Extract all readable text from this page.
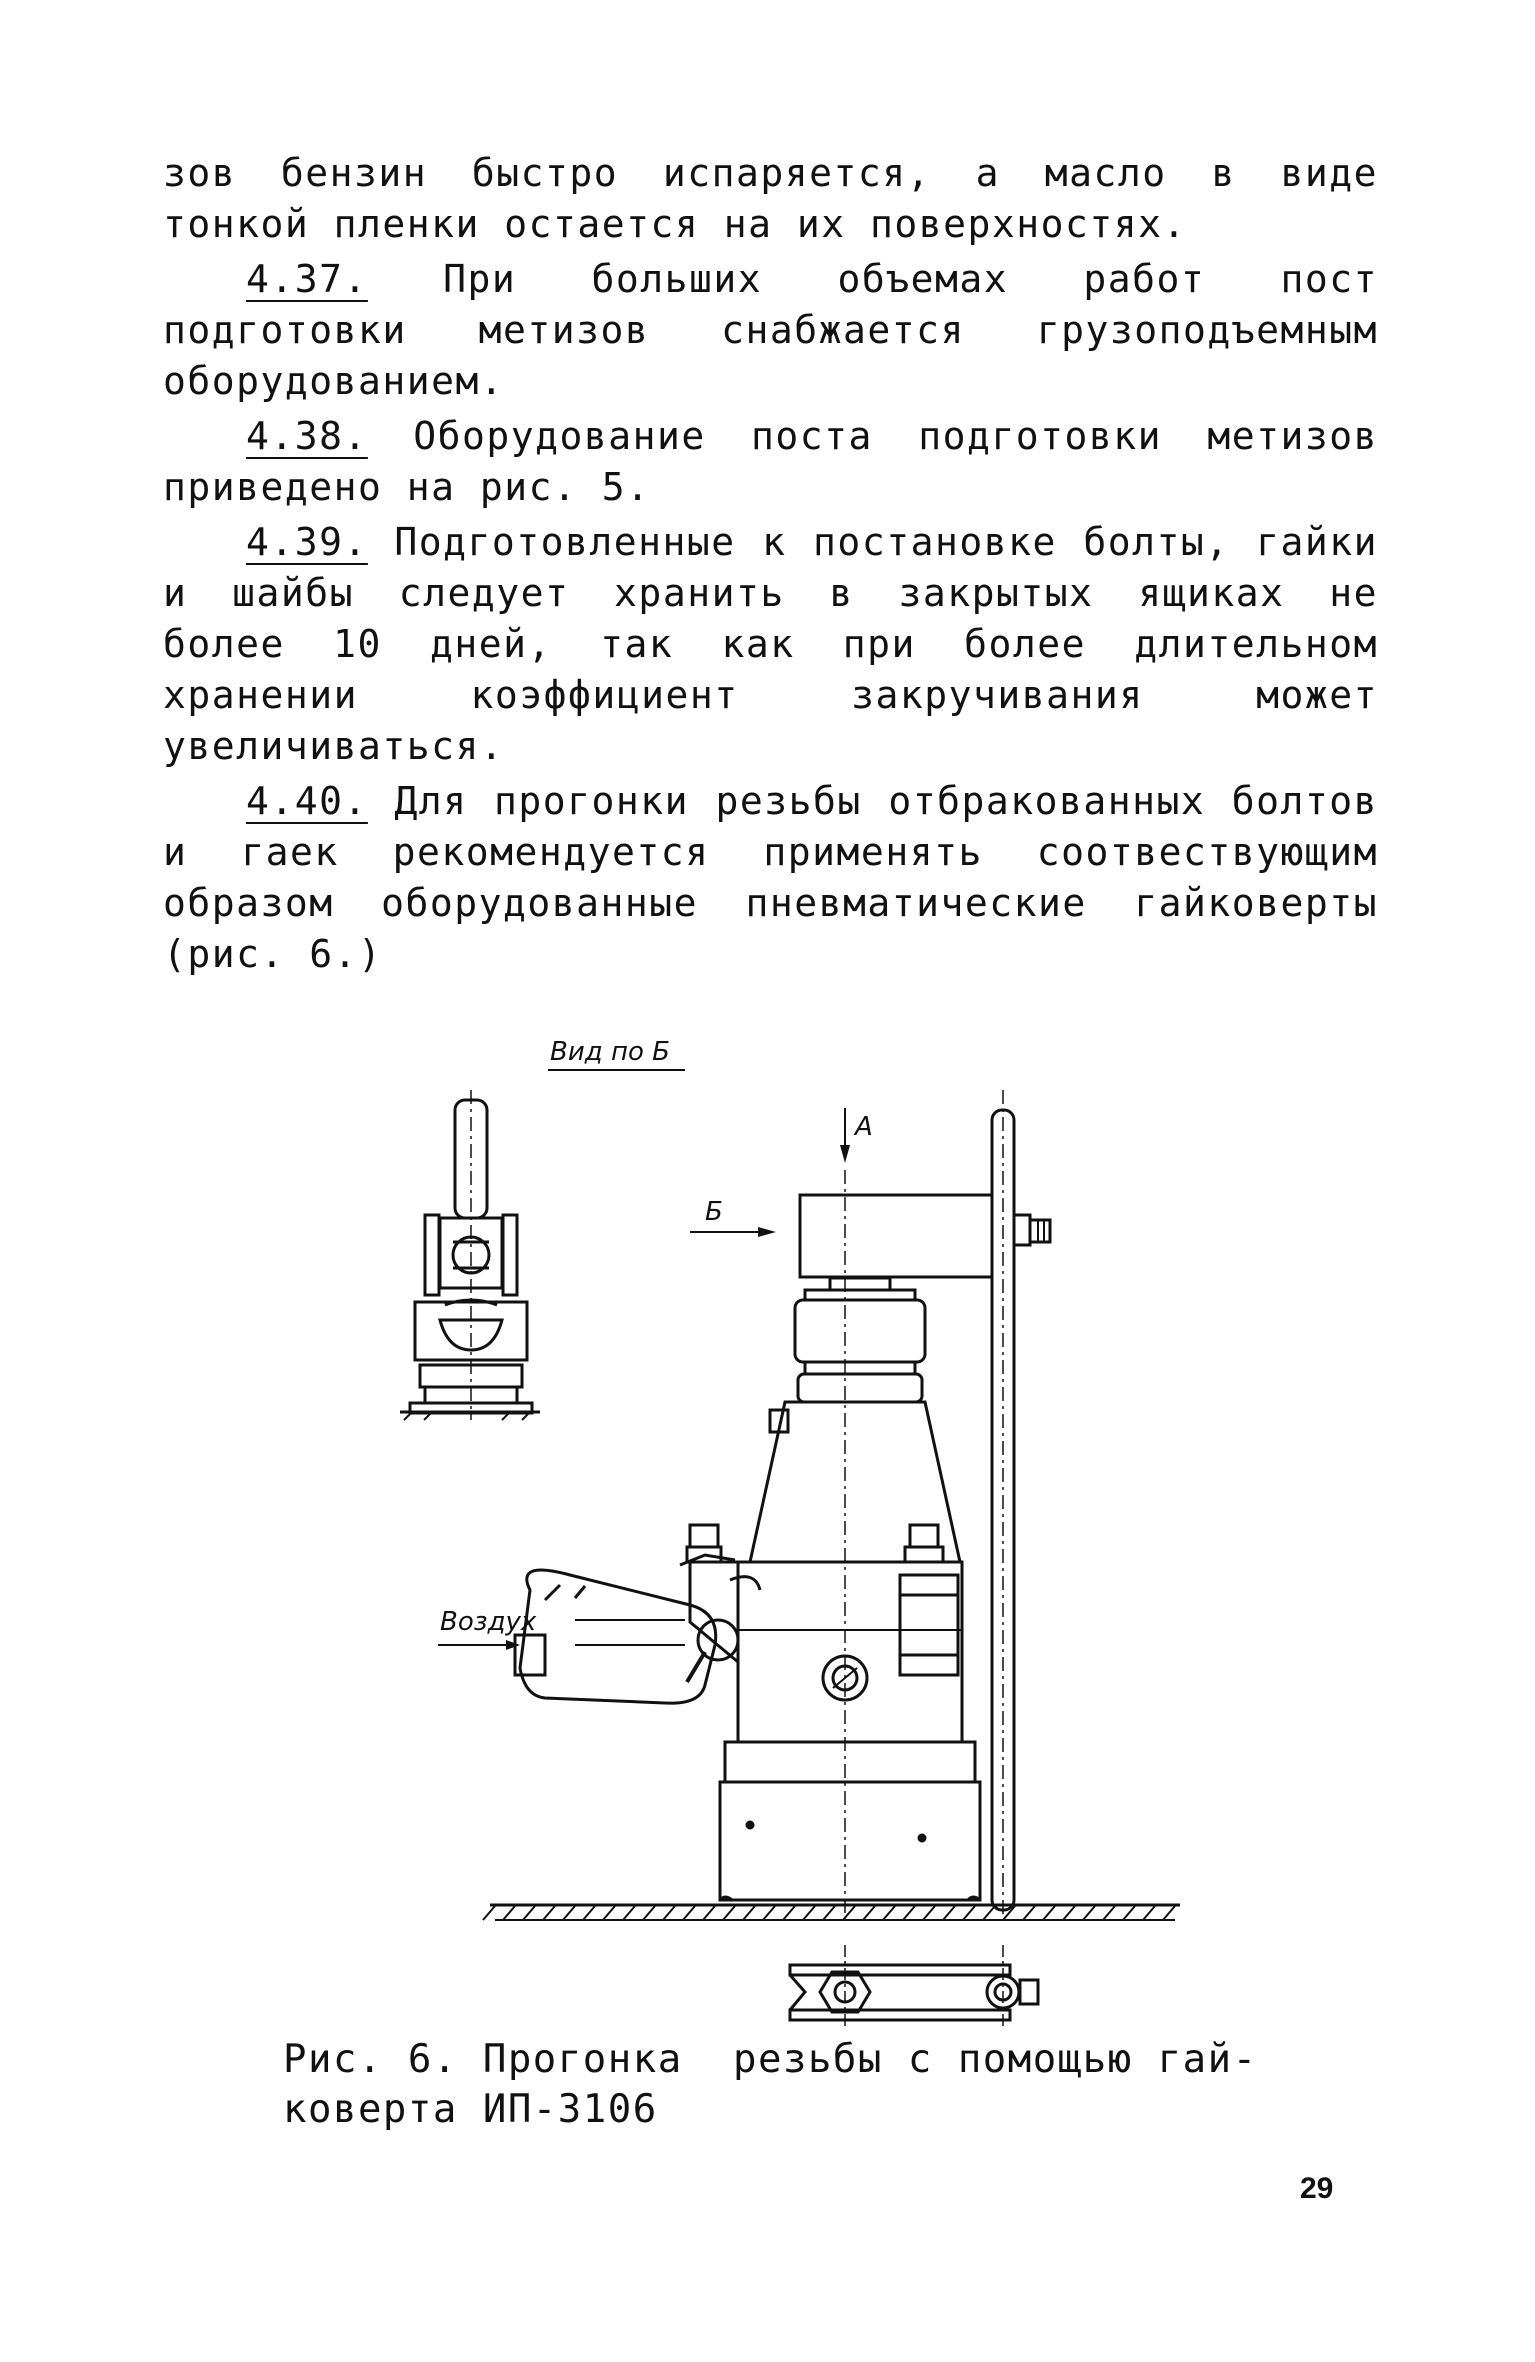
зов бензин быстро испаряется, а масло в виде тонкой пленки остается на их поверхностях.

4.37. При больших объемах работ пост подготовки метизов снабжается грузоподъемным оборудованием.

4.38. Оборудование поста подготовки метизов приведено на рис. 5.

4.39. Подготовленные к постановке болты, гайки и шайбы следует хранить в закрытых ящиках не более 10 дней, так как при более длительном хранении коэффициент закручивания может увеличиваться.

4.40. Для прогонки резьбы отбракованных болтов и гаек рекомендуется применять соотвествующим образом оборудованные пневматические гайковерты (рис. 6.)

Вид по Б
А
Б
Воздух
Рис. 6. Прогонка резьбы с помощью гай-
коверта ИП-3106
29
